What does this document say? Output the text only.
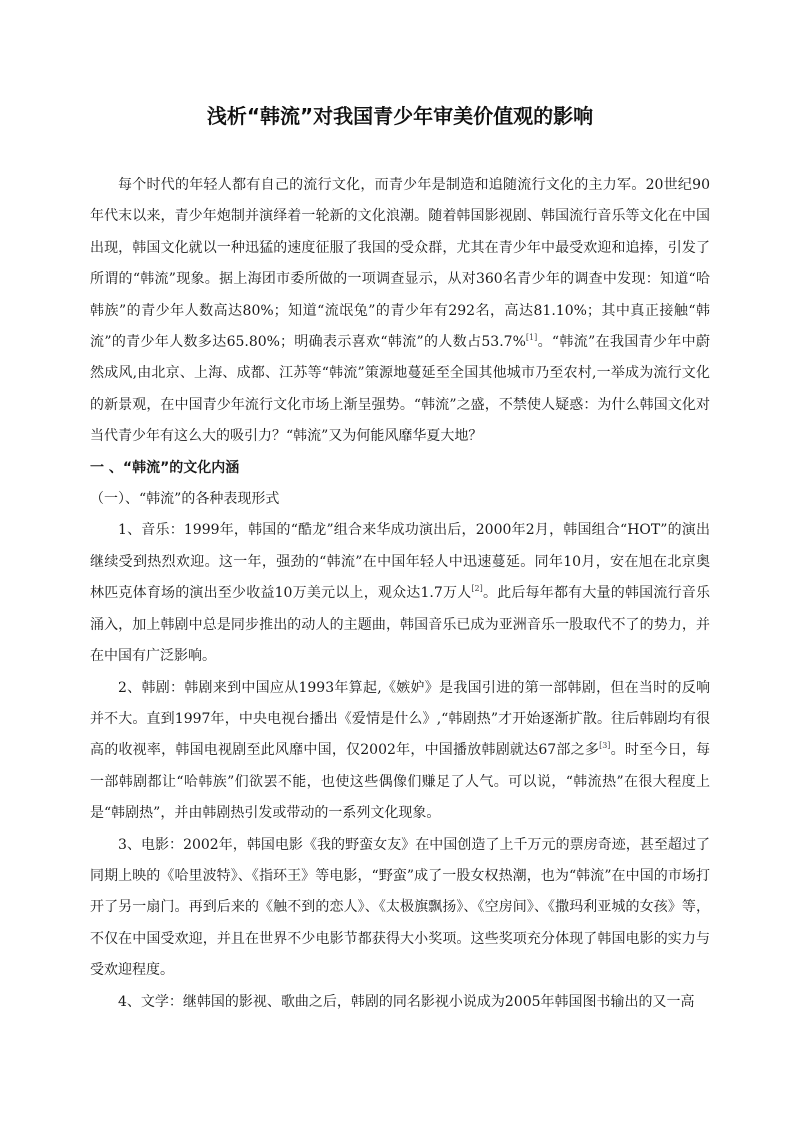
浅析“韩流”对我国青少年审美价值观的影响

每个时代的年轻人都有自己的流行文化，而青少年是制造和追随流行文化的主力军。20世纪90年代末以来，青少年炮制并演绎着一轮新的文化浪潮。随着韩国影视剧、韩国流行音乐等文化在中国出现，韩国文化就以一种迅猛的速度征服了我国的受众群，尤其在青少年中最受欢迎和追捧，引发了所谓的“韩流”现象。据上海团市委所做的一项调查显示，从对360名青少年的调查中发现：知道“哈韩族”的青少年人数高达80%；知道“流氓兔”的青少年有292名，高达81.10%；其中真正接触“韩流”的青少年人数多达65.80%；明确表示喜欢“韩流”的人数占53.7%[1]。“韩流”在我国青少年中蔚然成风,由北京、上海、成都、江苏等“韩流”策源地蔓延至全国其他城市乃至农村,一举成为流行文化的新景观，在中国青少年流行文化市场上渐呈强势。“韩流”之盛，不禁使人疑惑：为什么韩国文化对当代青少年有这么大的吸引力？“韩流”又为何能风靡华夏大地？

一 、“韩流”的文化内涵

（一）、“韩流”的各种表现形式

1、音乐：1999年，韩国的“酷龙”组合来华成功演出后，2000年2月，韩国组合“HOT”的演出继续受到热烈欢迎。这一年，强劲的“韩流”在中国年轻人中迅速蔓延。同年10月，安在旭在北京奥林匹克体育场的演出至少收益10万美元以上，观众达1.7万人[2]。此后每年都有大量的韩国流行音乐涌入，加上韩剧中总是同步推出的动人的主题曲，韩国音乐已成为亚洲音乐一股取代不了的势力，并在中国有广泛影响。

2、韩剧：韩剧来到中国应从1993年算起,《嫉妒》是我国引进的第一部韩剧，但在当时的反响并不大。直到1997年，中央电视台播出《爱情是什么》,“韩剧热”才开始逐渐扩散。往后韩剧均有很高的收视率，韩国电视剧至此风靡中国，仅2002年，中国播放韩剧就达67部之多[3]。时至今日，每一部韩剧都让“哈韩族”们欲罢不能，也使这些偶像们赚足了人气。可以说，“韩流热”在很大程度上是“韩剧热”，并由韩剧热引发或带动的一系列文化现象。

3、电影：2002年，韩国电影《我的野蛮女友》在中国创造了上千万元的票房奇迹，甚至超过了同期上映的《哈里波特》、《指环王》等电影，“野蛮”成了一股女权热潮，也为“韩流”在中国的市场打开了另一扇门。再到后来的《触不到的恋人》、《太极旗飘扬》、《空房间》、《撒玛利亚城的女孩》等，不仅在中国受欢迎，并且在世界不少电影节都获得大小奖项。这些奖项充分体现了韩国电影的实力与受欢迎程度。

4、文学：继韩国的影视、歌曲之后，韩剧的同名影视小说成为2005年韩国图书输出的又一高
